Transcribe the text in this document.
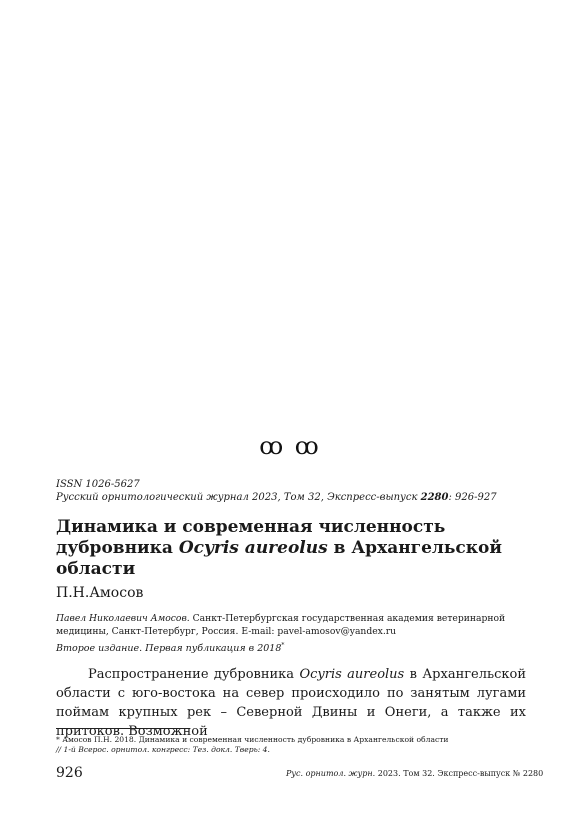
ꝏ ꝏ
ISSN 1026-5627
Русский орнитологический журнал 2023, Том 32, Экспресс-выпуск 2280: 926-927
Динамика и современная численность дубровника Ocyris aureolus в Архангельской области
П.Н.Амосов
Павел Николаевич Амосов. Санкт-Петербургская государственная академия ветеринарной медицины, Санкт-Петербург, Россия. E-mail: pavel-amosov@yandex.ru
Второе издание. Первая публикация в 2018*
Распространение дубровника Ocyris aureolus в Архангельской области с юго-востока на север происходило по занятым лугами поймам крупных рек – Северной Двины и Онеги, а также их притоков. Возможной
* Амосов П.Н. 2018. Динамика и современная численность дубровника в Архангельской области
// 1-й Всерос. орнитол. конгресс: Тез. докл. Тверь: 4.
926	Рус. орнитол. журн. 2023. Том 32. Экспресс-выпуск № 2280
